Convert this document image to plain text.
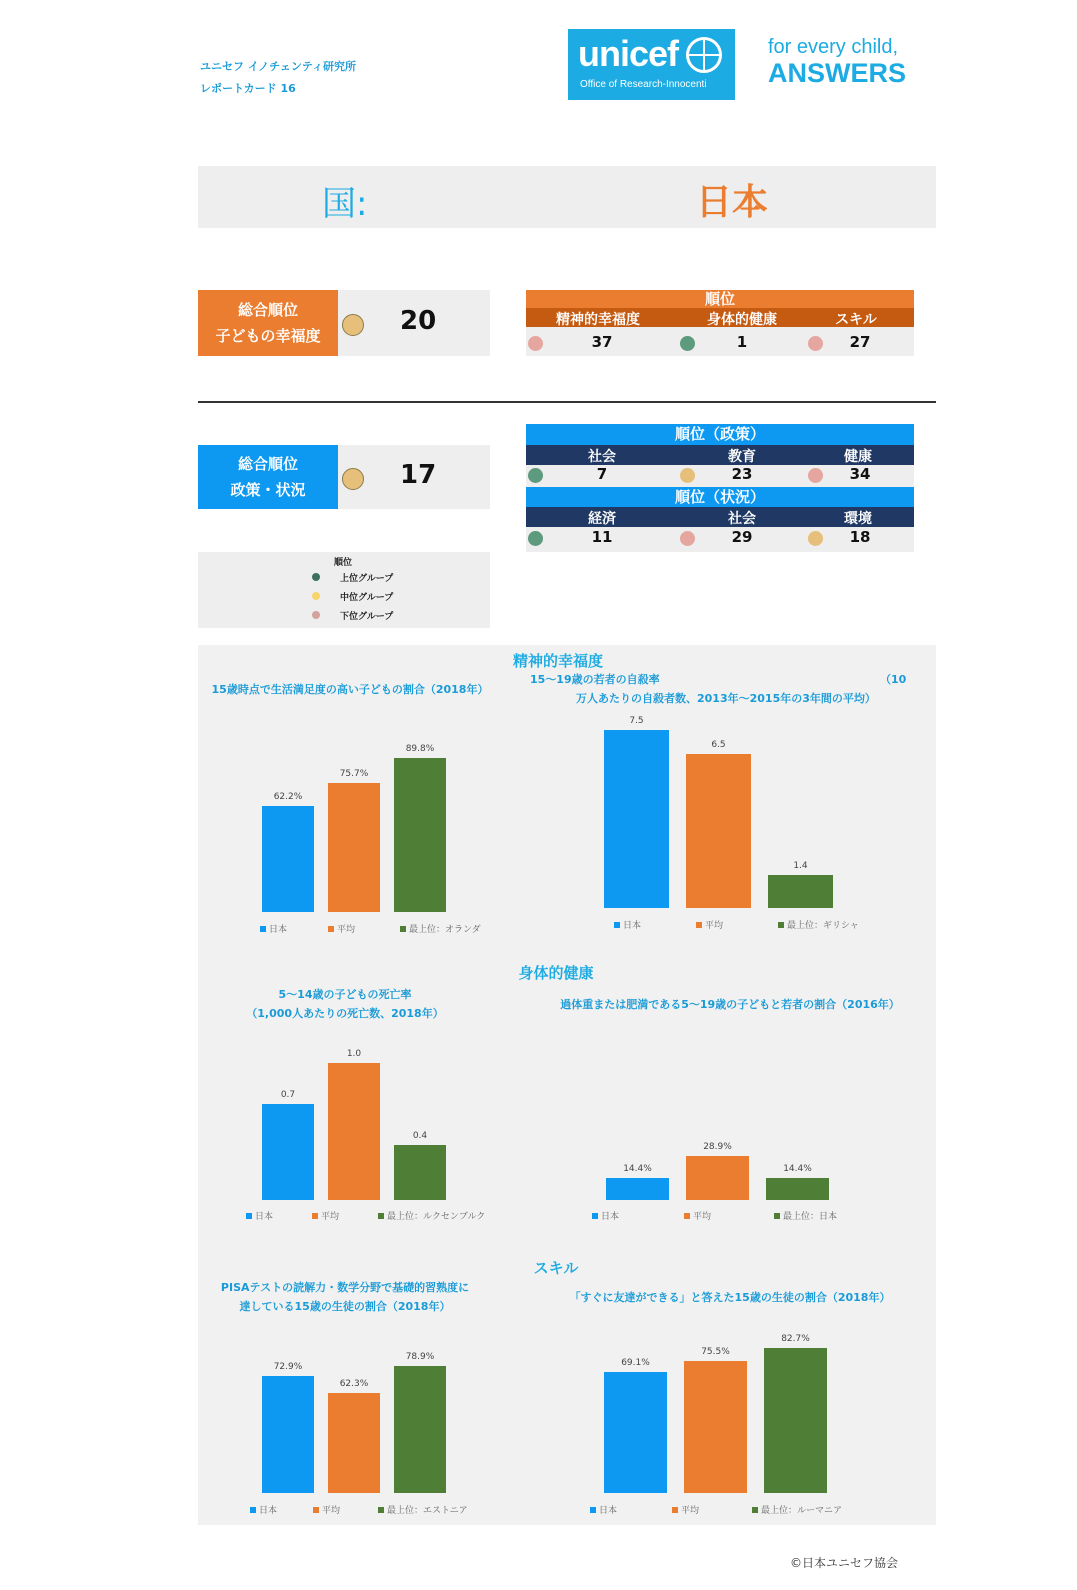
ユニセフ イノチェンティ研究所
レポートカード 16
unicef
Office of Research-Innocenti
for every child,
ANSWERS
国:	日本
総合順位
子どもの幸福度	20
順位
精神的幸福度	身体的健康	スキル
37	1	27
総合順位
政策・状況	17
順位（政策）
社会	教育	健康
7	23	34
順位（状況）
経済	社会	環境
11	29	18
順位
上位グループ
中位グループ
下位グループ
精神的幸福度
身体的健康
スキル
15歳時点で生活満足度の高い子どもの割合（2018年）
15～19歳の若者の自殺率	（10
万人あたりの自殺者数、2013年～2015年の3年間の平均）
5～14歳の子どもの死亡率
（1,000人あたりの死亡数、2018年）
過体重または肥満である5～19歳の子どもと若者の割合（2016年）
PISAテストの読解力・数学分野で基礎的習熟度に
達している15歳の生徒の割合（2018年）
「すぐに友達ができる」と答えた15歳の生徒の割合（2018年）
62.2%
日本
75.7%
平均
89.8%
最上位：オランダ
7.5
日本
6.5
平均
1.4
最上位：ギリシャ
0.7
日本
1.0
平均
0.4
最上位：ルクセンブルク
14.4%
日本
28.9%
平均
14.4%
最上位：日本
72.9%
日本
62.3%
平均
78.9%
最上位：エストニア
69.1%
日本
75.5%
平均
82.7%
最上位：ルーマニア
©日本ユニセフ協会
